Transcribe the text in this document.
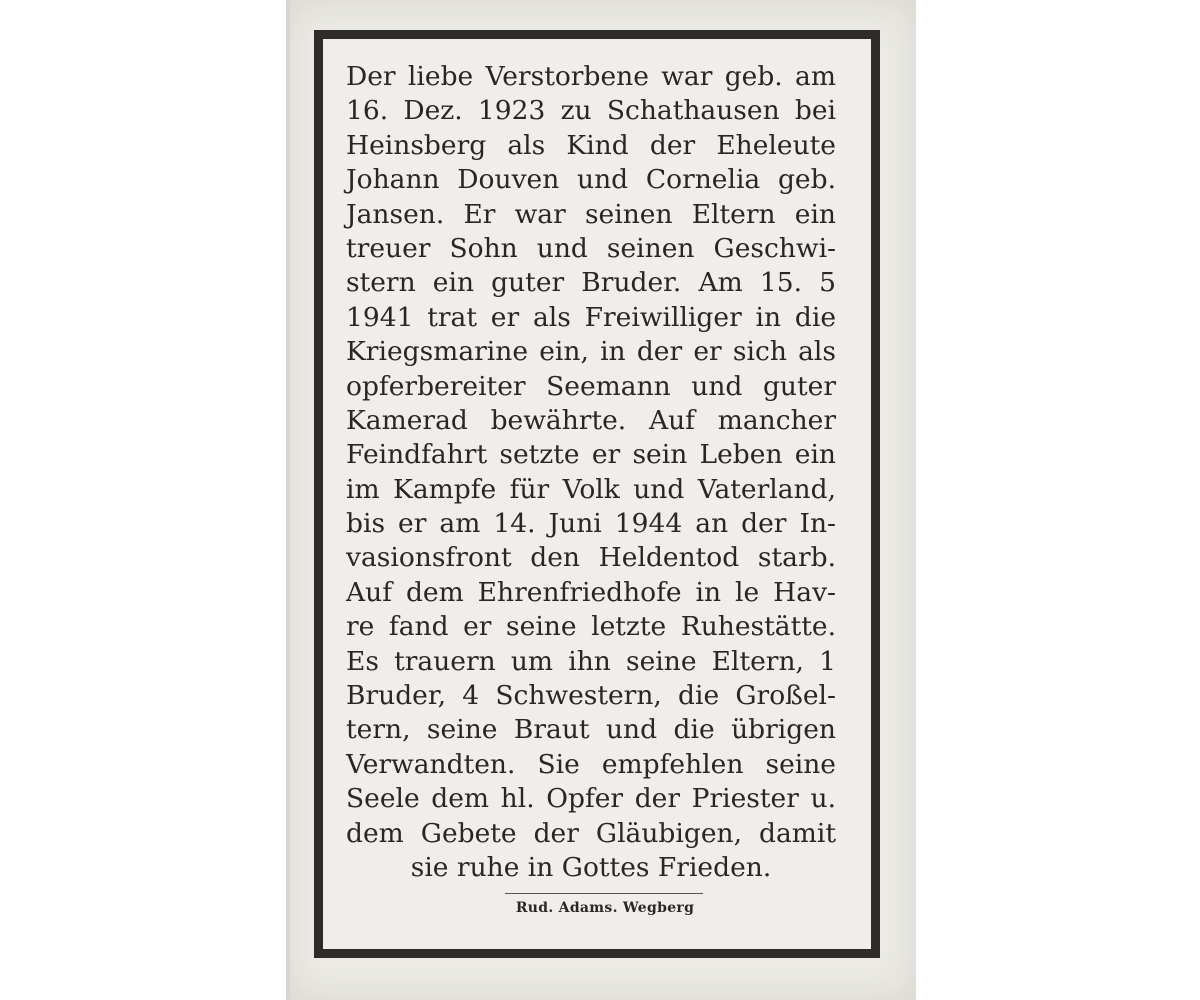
Der liebe Verstorbene war geb. am
16. Dez. 1923 zu Schathausen bei
Heinsberg als Kind der Eheleute
Johann Douven und Cornelia geb.
Jansen. Er war seinen Eltern ein
treuer Sohn und seinen Geschwi-
stern ein guter Bruder. Am 15. 5
1941 trat er als Freiwilliger in die
Kriegsmarine ein, in der er sich als
opferbereiter Seemann und guter
Kamerad bewährte. Auf mancher
Feindfahrt setzte er sein Leben ein
im Kampfe für Volk und Vaterland,
bis er am 14. Juni 1944 an der In-
vasionsfront den Heldentod starb.
Auf dem Ehrenfriedhofe in le Hav-
re fand er seine letzte Ruhestätte.
Es trauern um ihn seine Eltern, 1
Bruder, 4 Schwestern, die Großel-
tern, seine Braut und die übrigen
Verwandten. Sie empfehlen seine
Seele dem hl. Opfer der Priester u.
dem Gebete der Gläubigen, damit
sie ruhe in Gottes Frieden.
Rud. Adams. Wegberg
